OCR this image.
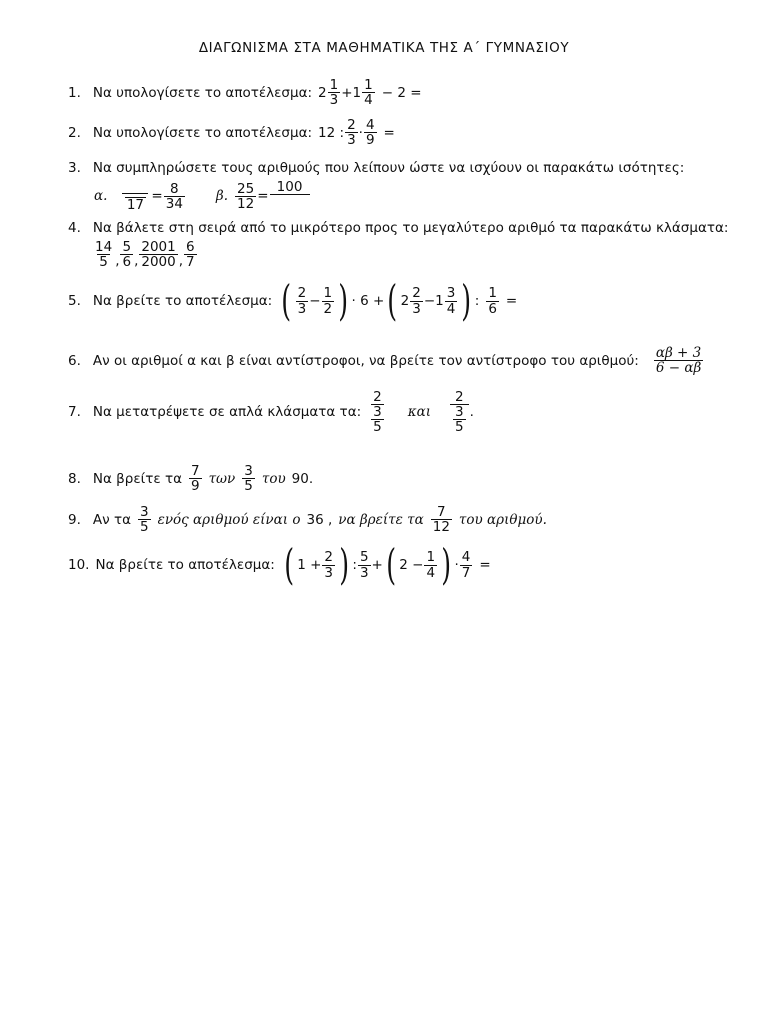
ΔΙΑΓΩΝΙΣΜΑ ΣΤΑ ΜΑΘΗΜΑΤΙΚΑ ΤΗΣ Α΄ ΓΥΜΝΑΣΙΟΥ
1. Να υπολογίσετε το αποτέλεσμα: $2 \frac{1}{3} + 1 \frac{1}{4} - 2$ =
2. Να υπολογίσετε το αποτέλεσμα: 12 : $\frac{2}{3} \cdot \frac{4}{9}$ =
3. Να συμπληρώσετε τους αριθμούς που λείπουν ώστε να ισχύουν οι παρακάτω ισότητες:
α.
17
= $\frac{8}{34} \beta$. $\frac{25}{12}$ =
100
4. Να βάλετε στη σειρά από το μικρότερο προς το μεγαλύτερο αριθμό τα παρακάτω κλάσματα:
$\frac{14}{5}$ , $\frac{5}{6}$ , $\frac{2001}{2000}$ , $\frac{6}{7}$
5. Να βρείτε το αποτέλεσμα: ( $\frac{2}{3} - \frac{1}{2}$ ) · 6 + ( $2 \frac{2}{3} -1 \frac{3}{4}$ ) : $\frac{1}{6}$ =
6. Αν οι αριθμοί α και β είναι αντίστροφοι, να βρείτε τον αντίστροφο του αριθμού: $\frac{\alpha\beta + 3}{6 - \alpha\beta}$
7. Να μετατρέψετε σε απλά κλάσματα τα: $\frac{\frac{2}{3}}{5}$ και $\frac{2}{\frac{3}{5}}$ .
8. Να βρείτε τα $\frac{7}{9}$ των $\frac{3}{5}$ του 90.
9. Αν τα $\frac{3}{5}$ ενός αριθμού είναι ο 36 , να βρείτε τα $\frac{7}{12}$ του αριθμού.
10. Να βρείτε το αποτέλεσμα: ( $1 + \frac{2}{3}$ ) : $\frac{5}{3}$ + ( $2 - \frac{1}{4}$ ) · $\frac{4}{7}$ =
